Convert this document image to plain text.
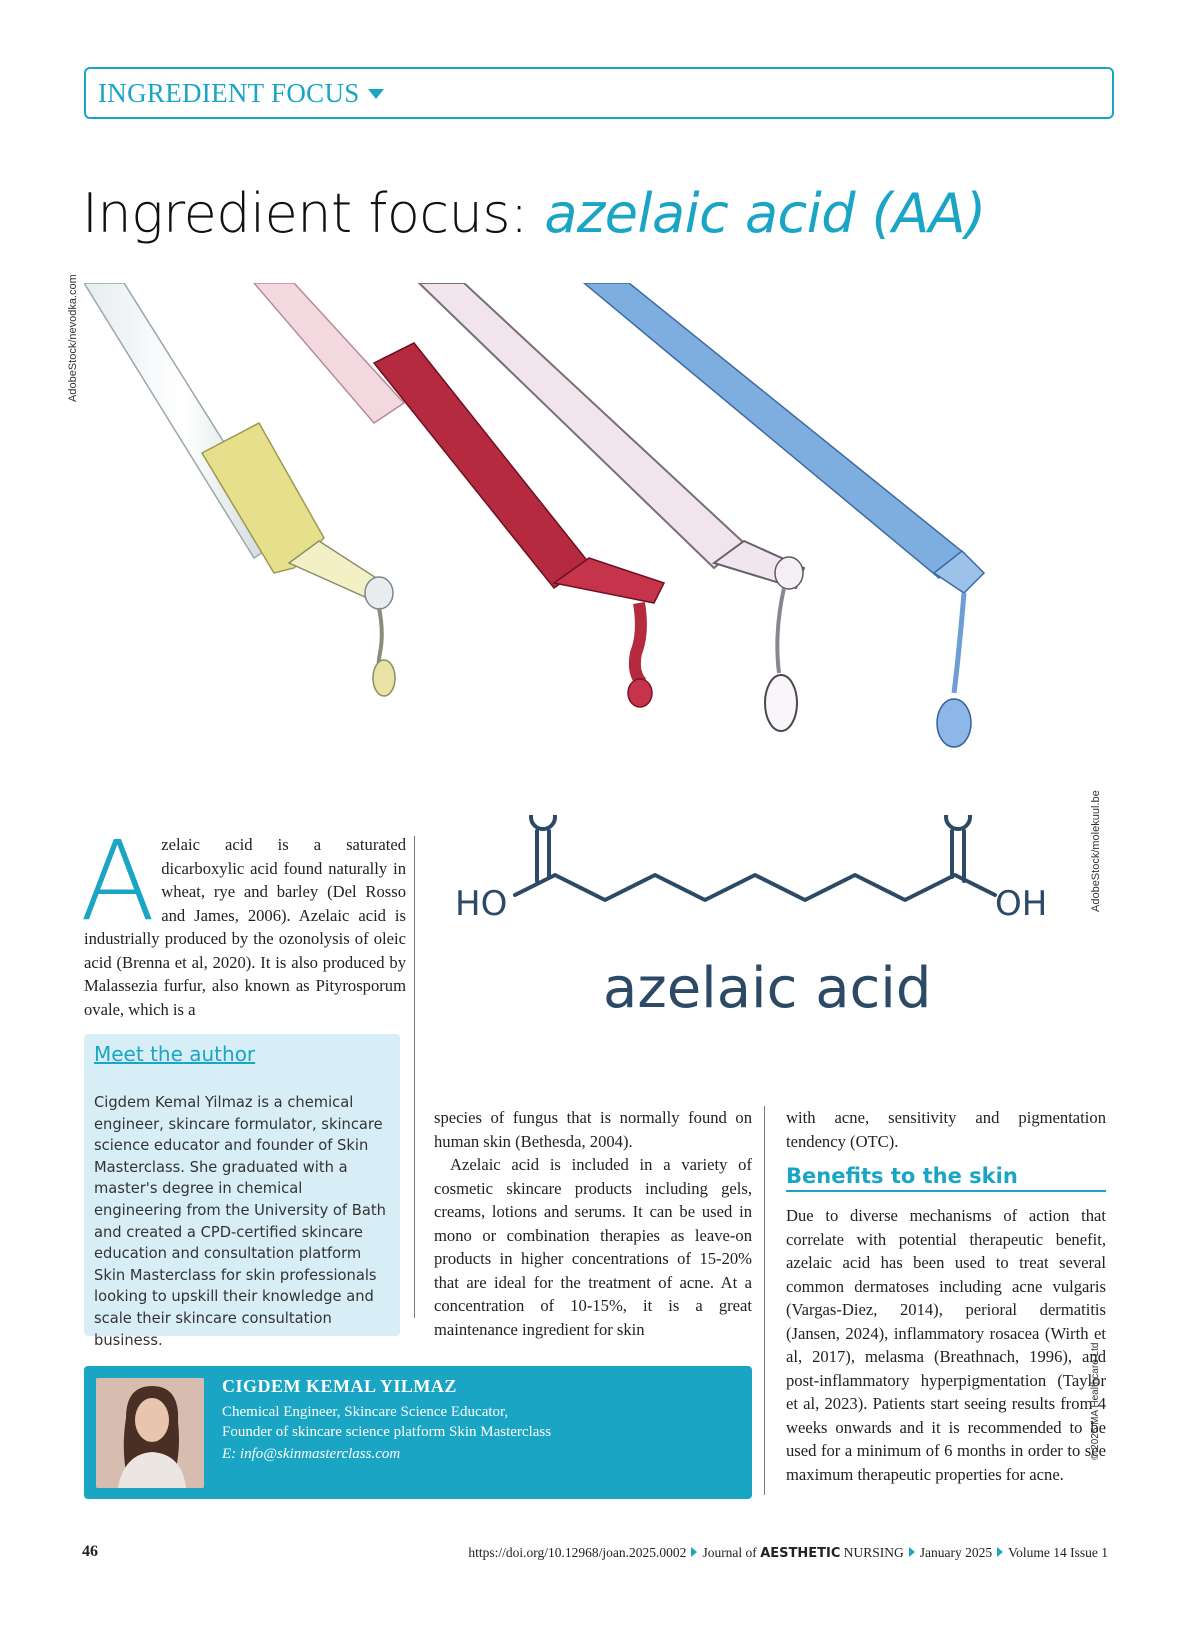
INGREDIENT FOCUS
Ingredient focus: azelaic acid (AA)
AdobeStock/nevodka.com
AdobeStock/molekuul.be
© 2025 MA Healthcare Ltd
Azelaic acid is a saturated dicarboxylic acid found naturally in wheat, rye and barley (Del Rosso and James, 2006). Azelaic acid is industrially produced by the ozonolysis of oleic acid (Brenna et al, 2020). It is also produced by Malassezia furfur, also known as Pityrosporum ovale, which is a
Meet the author
Cigdem Kemal Yilmaz is a chemical engineer, skincare formulator, skincare science educator and founder of Skin Masterclass. She graduated with a master's degree in chemical engineering from the University of Bath and created a CPD-certified skincare education and consultation platform Skin Masterclass for skin professionals looking to upskill their knowledge and scale their skincare consultation business.
HO	OH
azelaic acid

species of fungus that is normally found on human skin (Bethesda, 2004).

Azelaic acid is included in a variety of cosmetic skincare products including gels, creams, lotions and serums. It can be used in mono or combination therapies as leave-on products in higher concentrations of 15-20% that are ideal for the treatment of acne. At a concentration of 10-15%, it is a great maintenance ingredient for skin

with acne, sensitivity and pigmentation tendency (OTC).

Benefits to the skin
Due to diverse mechanisms of action that correlate with potential therapeutic benefit, azelaic acid has been used to treat several common dermatoses including acne vulgaris (Vargas-Diez, 2014), perioral dermatitis (Jansen, 2024), inflammatory rosacea (Wirth et al, 2017), melasma (Breathnach, 1996), and post-inflammatory hyperpigmentation (Taylor et al, 2023). Patients start seeing results from 4 weeks onwards and it is recommended to be used for a minimum of 6 months in order to see maximum therapeutic properties for acne.
CIGDEM KEMAL YILMAZ
Chemical Engineer, Skincare Science Educator,
Founder of skincare science platform Skin Masterclass
E: info@skinmasterclass.com
46	https://doi.org/10.12968/joan.2025.0002 Journal of AESTHETIC NURSING January 2025 Volume 14 Issue 1
